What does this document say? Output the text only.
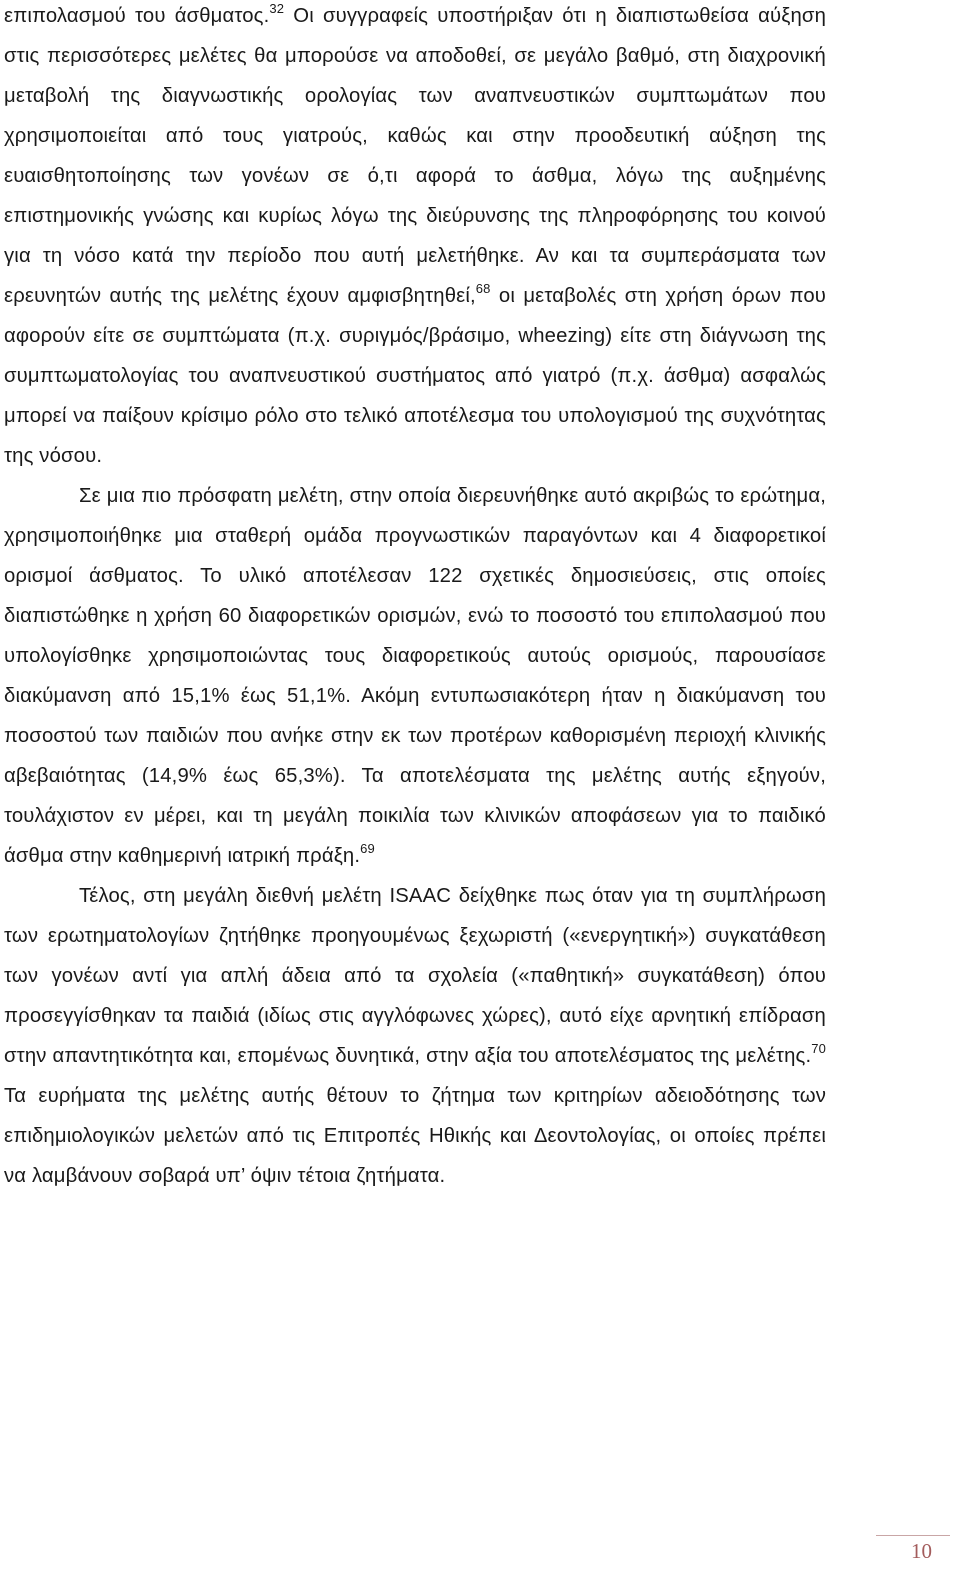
επιπολασμού του άσθματος.$^{32}$ Οι συγγραφείς υποστήριξαν ότι η διαπιστωθείσα αύξηση στις περισσότερες μελέτες θα μπορούσε να αποδοθεί, σε μεγάλο βαθμό, στη διαχρονική μεταβολή της διαγνωστικής ορολογίας των αναπνευστικών συμπτωμάτων που χρησιμοποιείται από τους γιατρούς, καθώς και στην προοδευτική αύξηση της ευαισθητοποίησης των γονέων σε ό,τι αφορά το άσθμα, λόγω της αυξημένης επιστημονικής γνώσης και κυρίως λόγω της διεύρυνσης της πληροφόρησης του κοινού για τη νόσο κατά την περίοδο που αυτή μελετήθηκε. Αν και τα συμπεράσματα των ερευνητών αυτής της μελέτης έχουν αμφισβητηθεί,$^{68}$ οι μεταβολές στη χρήση όρων που αφορούν είτε σε συμπτώματα (π.χ. συριγμός/βράσιμο, wheezing) είτε στη διάγνωση της συμπτωματολογίας του αναπνευστικού συστήματος από γιατρό (π.χ. άσθμα) ασφαλώς μπορεί να παίξουν κρίσιμο ρόλο στο τελικό αποτέλεσμα του υπολογισμού της συχνότητας της νόσου.

Σε μια πιο πρόσφατη μελέτη, στην οποία διερευνήθηκε αυτό ακριβώς το ερώτημα, χρησιμοποιήθηκε μια σταθερή ομάδα προγνωστικών παραγόντων και 4 διαφορετικοί ορισμοί άσθματος. Το υλικό αποτέλεσαν 122 σχετικές δημοσιεύσεις, στις οποίες διαπιστώθηκε η χρήση 60 διαφορετικών ορισμών, ενώ το ποσοστό του επιπολασμού που υπολογίσθηκε χρησιμοποιώντας τους διαφορετικούς αυτούς ορισμούς, παρουσίασε διακύμανση από 15,1% έως 51,1%. Ακόμη εντυπωσιακότερη ήταν η διακύμανση του ποσοστού των παιδιών που ανήκε στην εκ των προτέρων καθορισμένη περιοχή κλινικής αβεβαιότητας (14,9% έως 65,3%). Τα αποτελέσματα της μελέτης αυτής εξηγούν, τουλάχιστον εν μέρει, και τη μεγάλη ποικιλία των κλινικών αποφάσεων για το παιδικό άσθμα στην καθημερινή ιατρική πράξη.$^{69}$

Τέλος, στη μεγάλη διεθνή μελέτη ISAAC δείχθηκε πως όταν για τη συμπλήρωση των ερωτηματολογίων ζητήθηκε προηγουμένως ξεχωριστή («ενεργητική») συγκατάθεση των γονέων αντί για απλή άδεια από τα σχολεία («παθητική» συγκατάθεση) όπου προσεγγίσθηκαν τα παιδιά (ιδίως στις αγγλόφωνες χώρες), αυτό είχε αρνητική επίδραση στην απαντητικότητα και, επομένως δυνητικά, στην αξία του αποτελέσματος της μελέτης.$^{70}$ Τα ευρήματα της μελέτης αυτής θέτουν το ζήτημα των κριτηρίων αδειοδότησης των επιδημιολογικών μελετών από τις Επιτροπές Ηθικής και Δεοντολογίας, οι οποίες πρέπει να λαμβάνουν σοβαρά υπ’ όψιν τέτοια ζητήματα.

10
